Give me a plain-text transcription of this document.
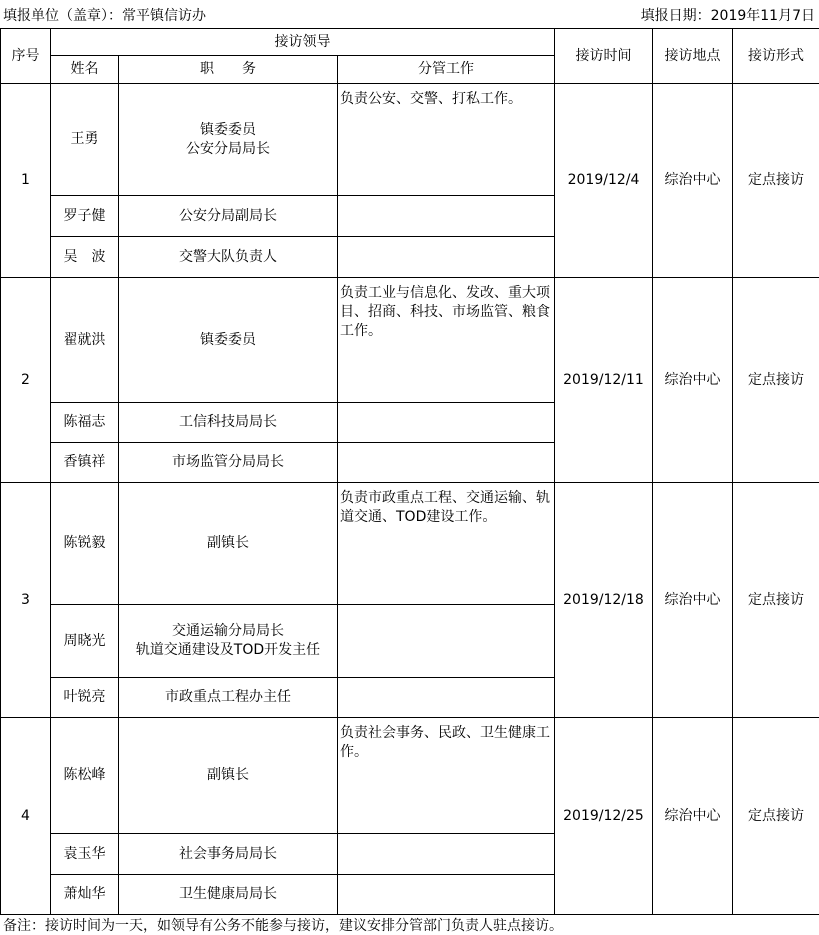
填报单位（盖章）：常平镇信访办	填报日期：2019年11月7日
序号	接访领导			接访时间	接访地点	接访形式
	姓名	职　　务	分管工作			
1	王勇	镇委委员
公安分局局长	负责公安、交警、打私工作。	2019/12/4	综治中心	定点接访
	罗子健	公安分局副局长				

	吴　波	交警大队负责人				

2	翟就洪	镇委委员	负责工业与信息化、发改、重大项目、招商、科技、市场监管、粮食工作。	2019/12/11	综治中心	定点接访
	陈福志	工信科技局局长				

	香镇祥	市场监管分局局长				

3	陈锐毅	副镇长	负责市政重点工程、交通运输、轨道交通、TOD建设工作。	2019/12/18	综治中心	定点接访
	周晓光	交通运输分局局长
轨道交通建设及TOD开发主任				

	叶锐亮	市政重点工程办主任				

4	陈松峰	副镇长	负责社会事务、民政、卫生健康工作。	2019/12/25	综治中心	定点接访
	袁玉华	社会事务局局长				

	萧灿华	卫生健康局局长				

备注：接访时间为一天，如领导有公务不能参与接访，建议安排分管部门负责人驻点接访。
